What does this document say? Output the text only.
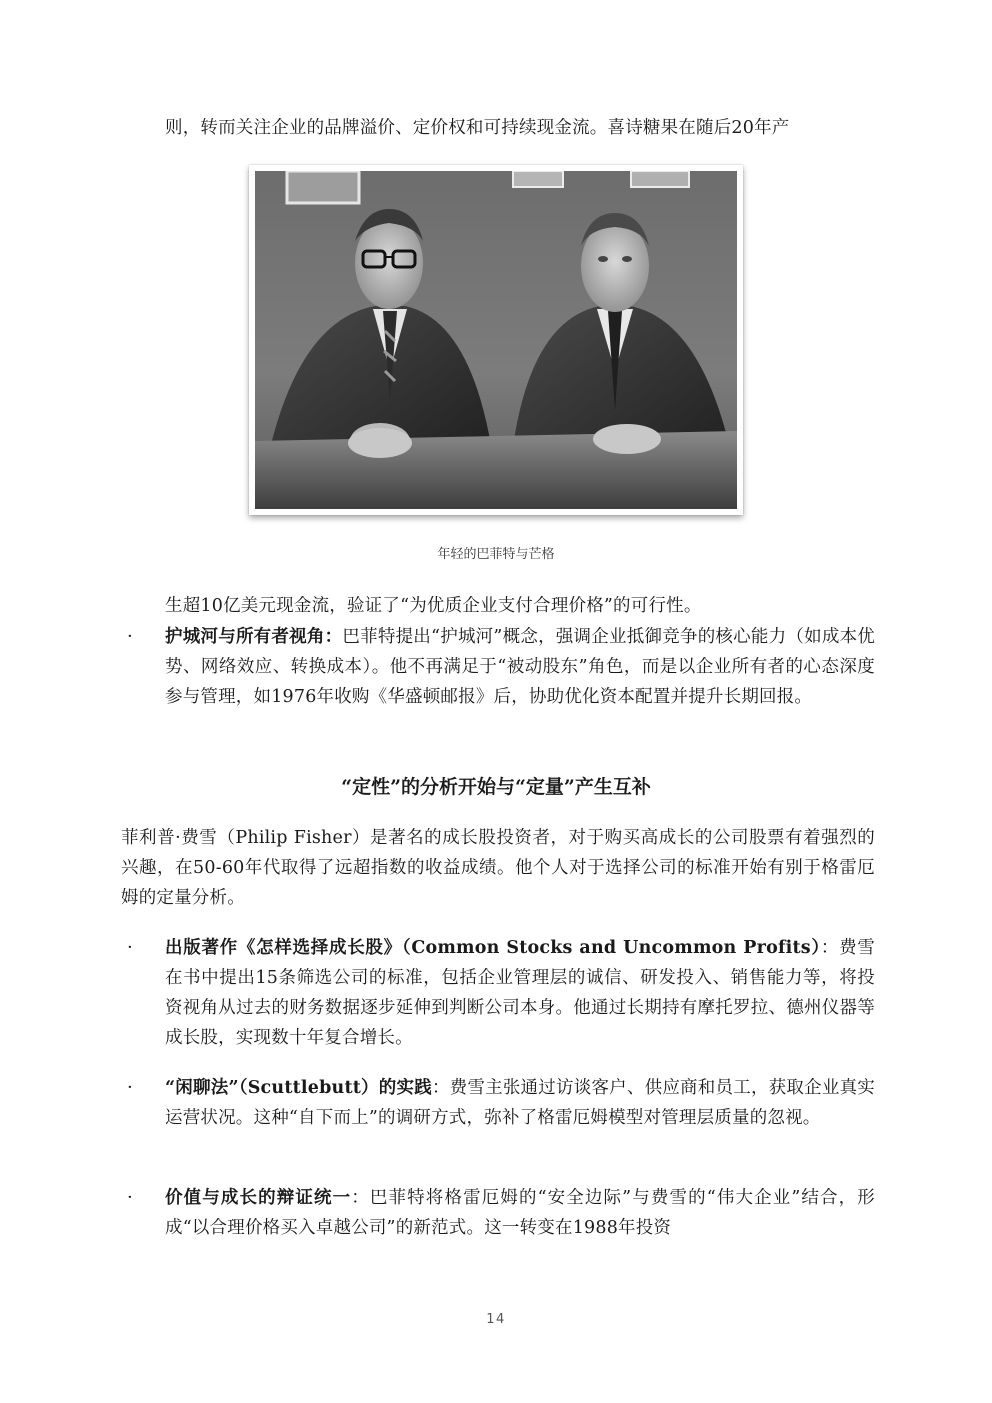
则，转而关注企业的品牌溢价、定价权和可持续现金流。喜诗糖果在随后20年产

年轻的巴菲特与芒格

生超10亿美元现金流，验证了“为优质企业支付合理价格”的可行性。

· 护城河与所有者视角：巴菲特提出“护城河”概念，强调企业抵御竞争的核心能力（如成本优势、网络效应、转换成本）。他不再满足于“被动股东”角色，而是以企业所有者的心态深度参与管理，如1976年收购《华盛顿邮报》后，协助优化资本配置并提升长期回报。

“定性”的分析开始与“定量”产生互补

菲利普·费雪（Philip Fisher）是著名的成长股投资者，对于购买高成长的公司股票有着强烈的兴趣，在50-60年代取得了远超指数的收益成绩。他个人对于选择公司的标准开始有别于格雷厄姆的定量分析。

· 出版著作《怎样选择成长股》（Common Stocks and Uncommon Profits）：费雪在书中提出15条筛选公司的标准，包括企业管理层的诚信、研发投入、销售能力等，将投资视角从过去的财务数据逐步延伸到判断公司本身。他通过长期持有摩托罗拉、德州仪器等成长股，实现数十年复合增长。

· “闲聊法”（Scuttlebutt）的实践：费雪主张通过访谈客户、供应商和员工，获取企业真实运营状况。这种“自下而上”的调研方式，弥补了格雷厄姆模型对管理层质量的忽视。

· 价值与成长的辩证统一：巴菲特将格雷厄姆的“安全边际”与费雪的“伟大企业”结合，形成“以合理价格买入卓越公司”的新范式。这一转变在1988年投资

14
